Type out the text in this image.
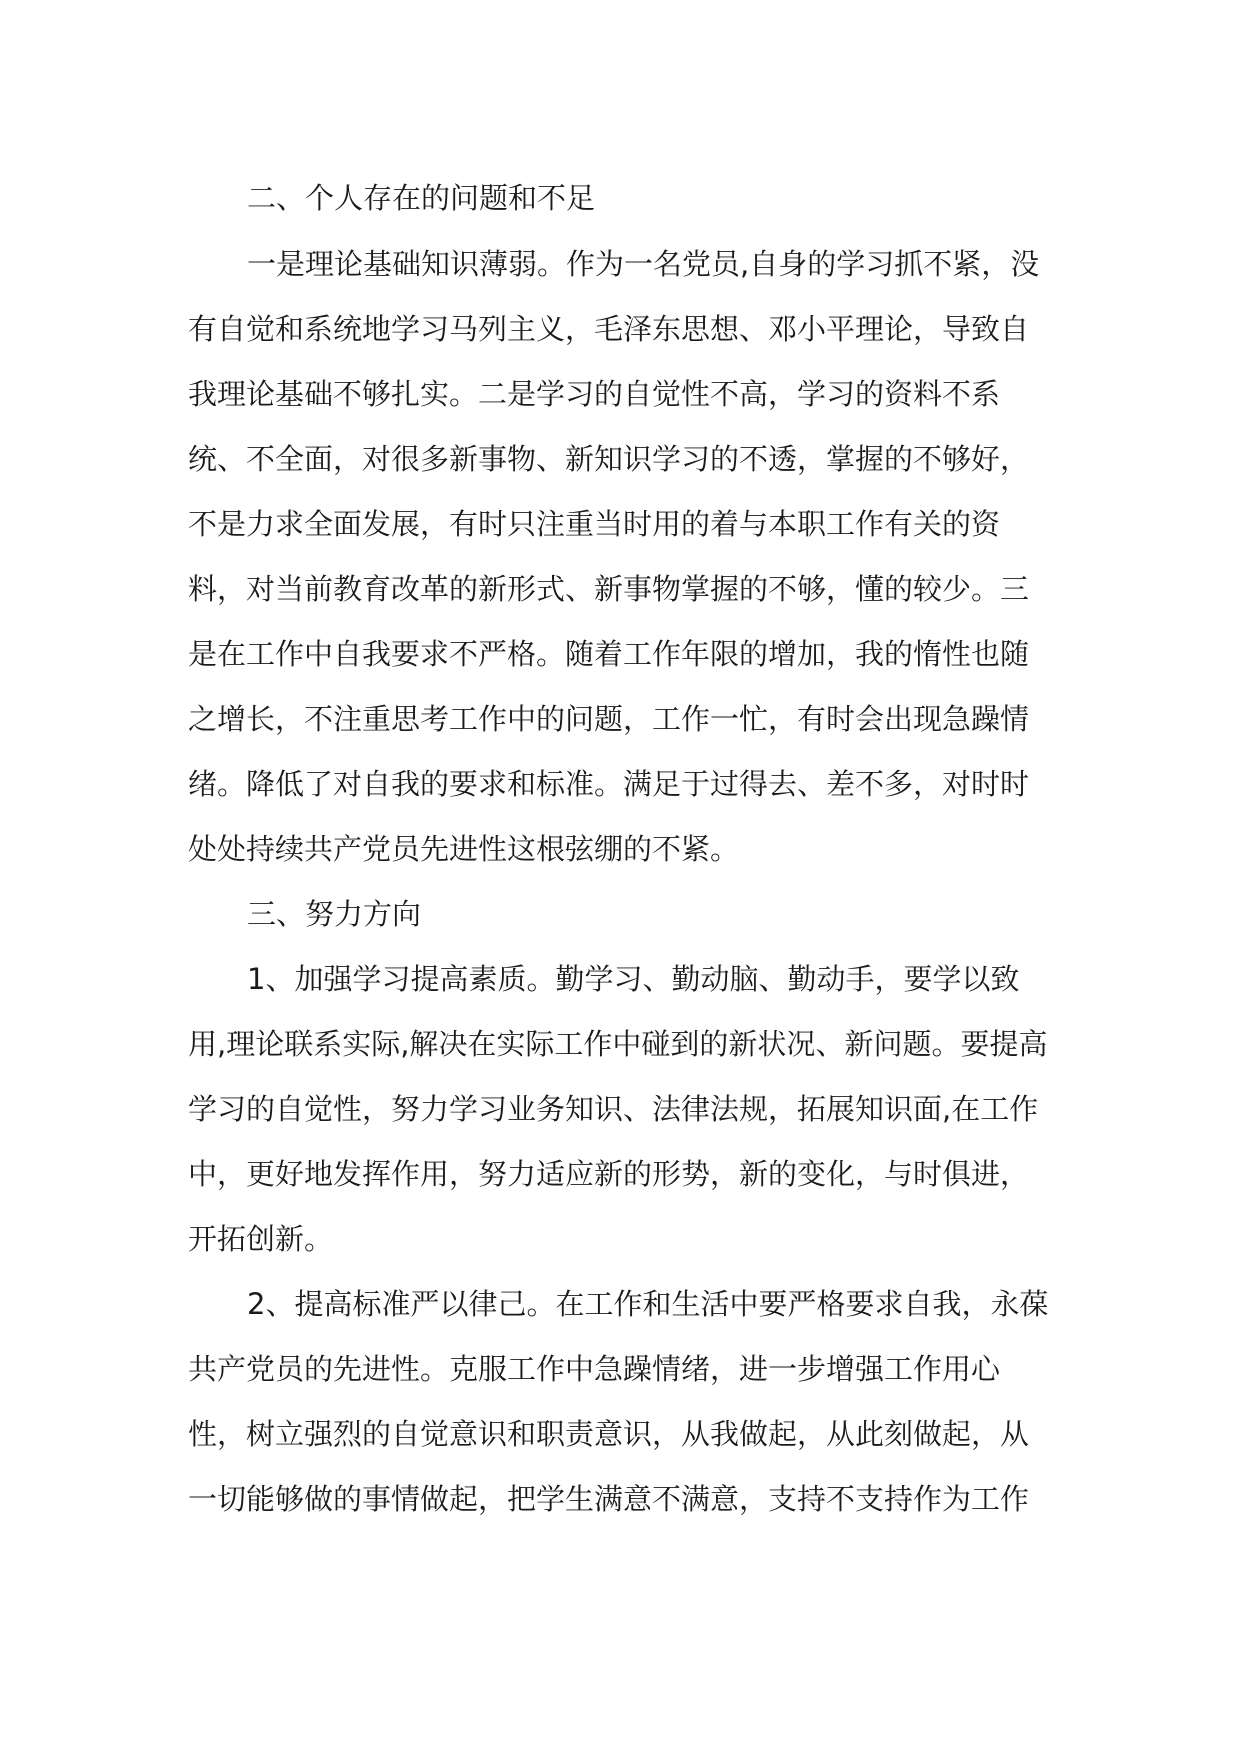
二、个人存在的问题和不足
一是理论基础知识薄弱。作为一名党员,自身的学习抓不紧，没
有自觉和系统地学习马列主义，毛泽东思想、邓小平理论，导致自
我理论基础不够扎实。二是学习的自觉性不高，学习的资料不系
统、不全面，对很多新事物、新知识学习的不透，掌握的不够好，
不是力求全面发展，有时只注重当时用的着与本职工作有关的资
料，对当前教育改革的新形式、新事物掌握的不够，懂的较少。三
是在工作中自我要求不严格。随着工作年限的增加，我的惰性也随
之增长，不注重思考工作中的问题，工作一忙，有时会出现急躁情
绪。降低了对自我的要求和标准。满足于过得去、差不多，对时时
处处持续共产党员先进性这根弦绷的不紧。
三、努力方向
1、加强学习提高素质。勤学习、勤动脑、勤动手，要学以致
用,理论联系实际,解决在实际工作中碰到的新状况、新问题。要提高
学习的自觉性，努力学习业务知识、法律法规，拓展知识面,在工作
中，更好地发挥作用，努力适应新的形势，新的变化，与时俱进，
开拓创新。
2、提高标准严以律己。在工作和生活中要严格要求自我，永葆
共产党员的先进性。克服工作中急躁情绪，进一步增强工作用心
性，树立强烈的自觉意识和职责意识，从我做起，从此刻做起，从
一切能够做的事情做起，把学生满意不满意，支持不支持作为工作
